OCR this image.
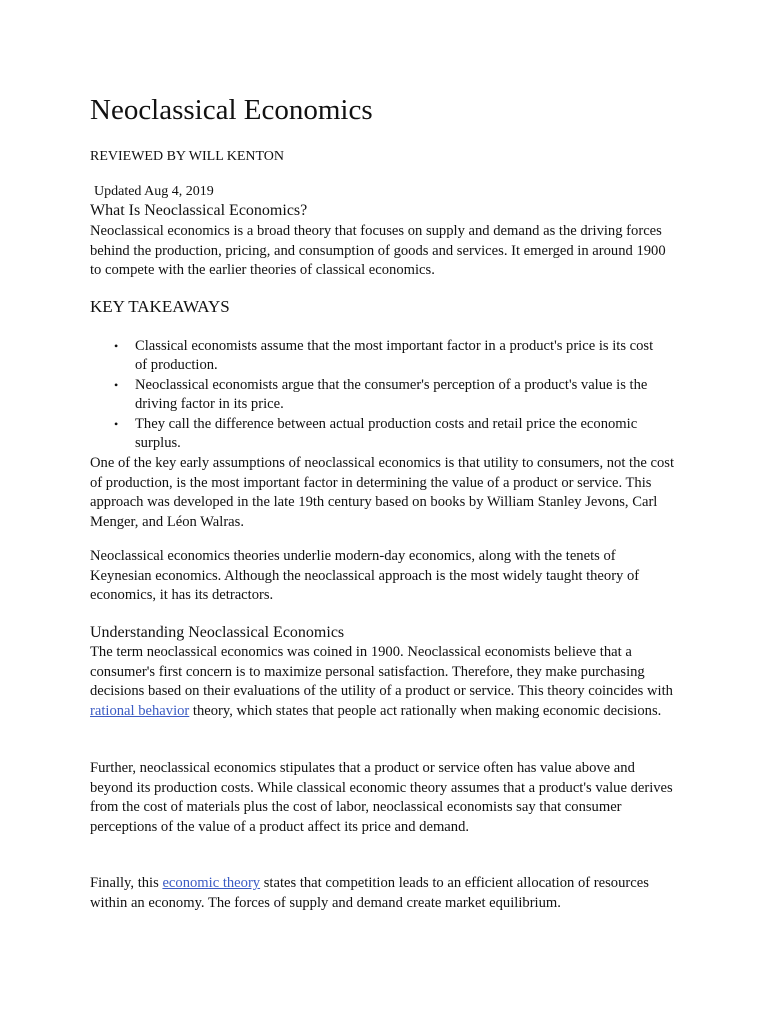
Neoclassical Economics
REVIEWED BY WILL KENTON
Updated Aug 4, 2019
What Is Neoclassical Economics?

Neoclassical economics is a broad theory that focuses on supply and demand as the driving forces behind the production, pricing, and consumption of goods and services. It emerged in around 1900 to compete with the earlier theories of classical economics.

KEY TAKEAWAYS
• Classical economists assume that the most important factor in a product's price is its cost of production.
• Neoclassical economists argue that the consumer's perception of a product's value is the driving factor in its price.
• They call the difference between actual production costs and retail price the economic surplus.

One of the key early assumptions of neoclassical economics is that utility to consumers, not the cost of production, is the most important factor in determining the value of a product or service. This approach was developed in the late 19th century based on books by William Stanley Jevons, Carl Menger, and Léon Walras.

Neoclassical economics theories underlie modern-day economics, along with the tenets of Keynesian economics. Although the neoclassical approach is the most widely taught theory of economics, it has its detractors.

Understanding Neoclassical Economics

The term neoclassical economics was coined in 1900. Neoclassical economists believe that a consumer's first concern is to maximize personal satisfaction. Therefore, they make purchasing decisions based on their evaluations of the utility of a product or service. This theory coincides with rational behavior theory, which states that people act rationally when making economic decisions.

Further, neoclassical economics stipulates that a product or service often has value above and beyond its production costs. While classical economic theory assumes that a product's value derives from the cost of materials plus the cost of labor, neoclassical economists say that consumer perceptions of the value of a product affect its price and demand.

Finally, this economic theory states that competition leads to an efficient allocation of resources within an economy. The forces of supply and demand create market equilibrium.
